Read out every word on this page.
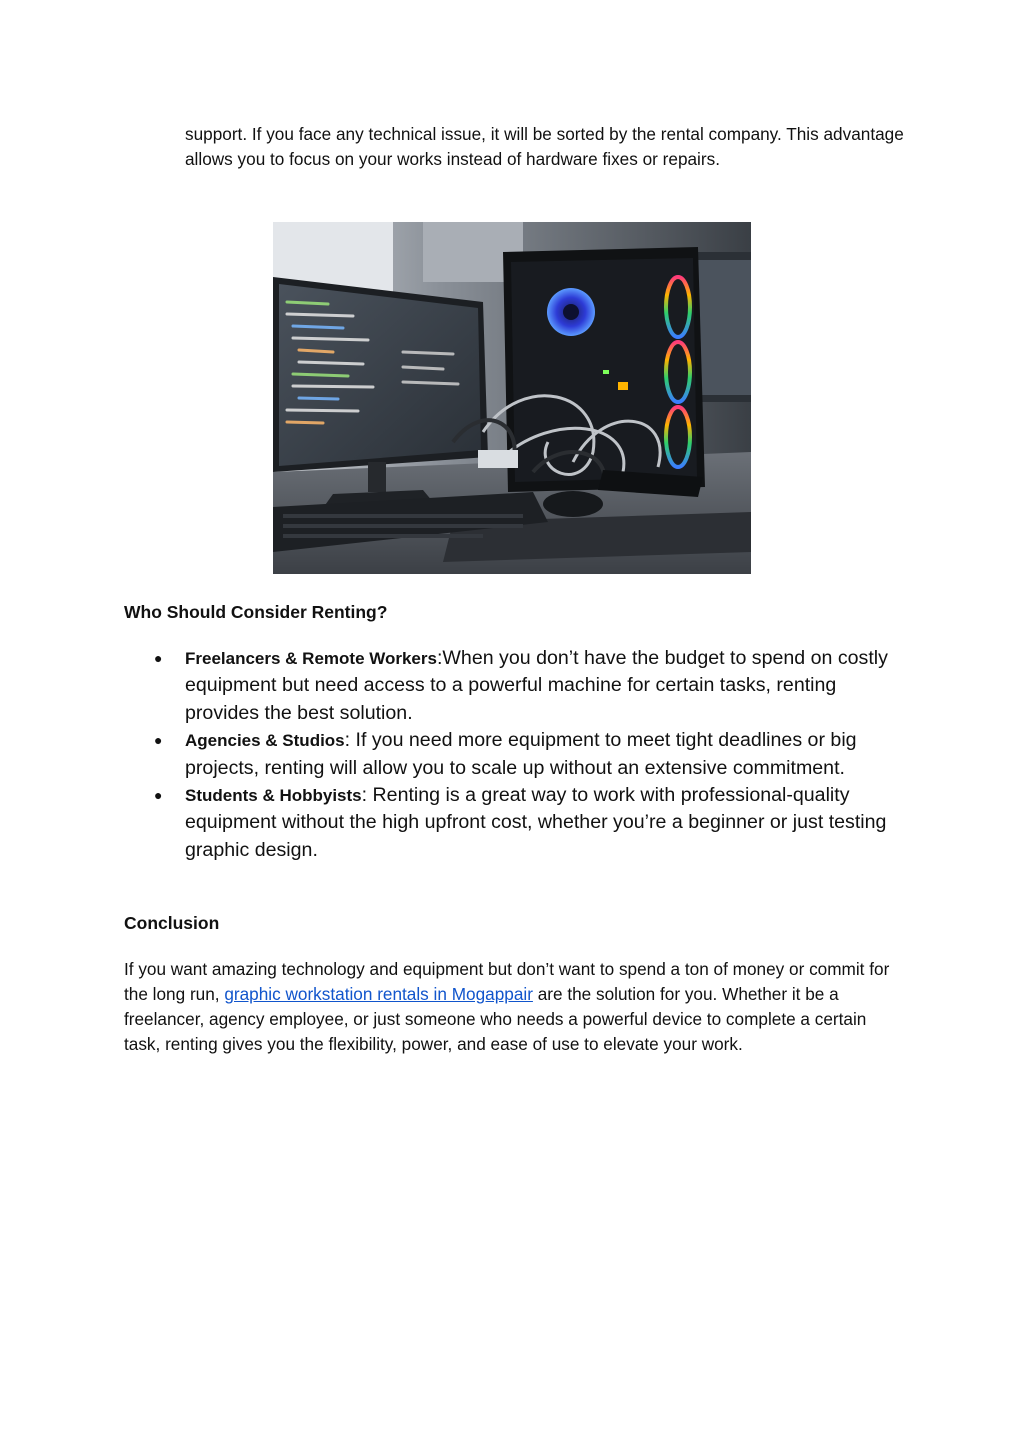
support. If you face any technical issue, it will be sorted by the rental company. This advantage allows you to focus on your works instead of hardware fixes or repairs.

Who Should Consider Renting?
● Freelancers & Remote Workers:When you don’t have the budget to spend on costly equipment but need access to a powerful machine for certain tasks, renting provides the best solution.
● Agencies & Studios: If you need more equipment to meet tight deadlines or big projects, renting will allow you to scale up without an extensive commitment.
● Students & Hobbyists: Renting is a great way to work with professional-quality equipment without the high upfront cost, whether you’re a beginner or just testing graphic design.
Conclusion

If you want amazing technology and equipment but don’t want to spend a ton of money or commit for the long run, graphic workstation rentals in Mogappair are the solution for you. Whether it be a freelancer, agency employee, or just someone who needs a powerful device to complete a certain task, renting gives you the flexibility, power, and ease of use to elevate your work.
